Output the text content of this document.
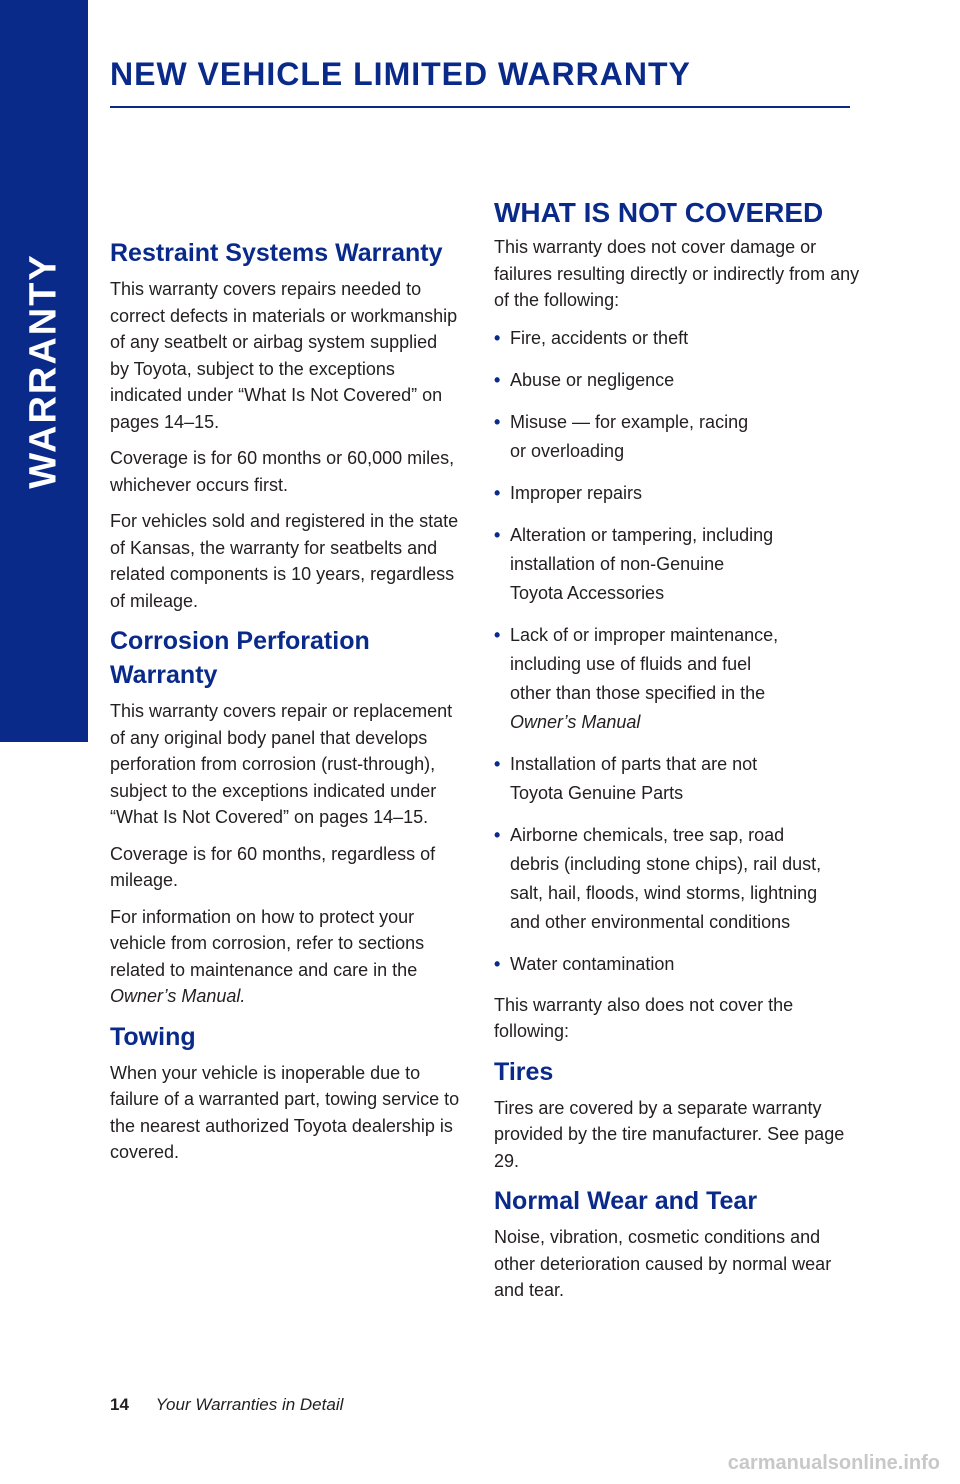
WARRANTY
NEW VEHICLE LIMITED WARRANTY
Restraint Systems Warranty

This warranty covers repairs needed to correct defects in materials or workmanship of any seatbelt or airbag system supplied by Toyota, subject to the exceptions indicated under “What Is Not Covered” on pages 14–15.

Coverage is for 60 months or 60,000 miles, whichever occurs first.

For vehicles sold and registered in the state of Kansas, the warranty for seatbelts and related components is 10 years, regardless of mileage.

Corrosion Perforation Warranty

This warranty covers repair or replacement of any original body panel that develops perforation from corrosion (rust-through), subject to the exceptions indicated under “What Is Not Covered” on pages 14–15.

Coverage is for 60 months, regardless of mileage.

For information on how to protect your vehicle from corrosion, refer to sections related to maintenance and care in the
Owner’s Manual.

Towing

When your vehicle is inoperable due to failure of a warranted part, towing service to the nearest authorized Toyota dealership is covered.

WHAT IS NOT COVERED

This warranty does not cover damage or failures resulting directly or indirectly from any of the following:

• Fire, accidents or theft
• Abuse or negligence
• Misuse — for example, racing
or overloading
• Improper repairs
• Alteration or tampering, including
installation of non-Genuine
Toyota Accessories
• Lack of or improper maintenance,
including use of fluids and fuel
other than those specified in the
Owner’s Manual
• Installation of parts that are not
Toyota Genuine Parts
• Airborne chemicals, tree sap, road
debris (including stone chips), rail dust,
salt, hail, floods, wind storms, lightning
and other environmental conditions
• Water contamination

This warranty also does not cover the following:

Tires

Tires are covered by a separate warranty provided by the tire manufacturer. See page 29.

Normal Wear and Tear

Noise, vibration, cosmetic conditions and other deterioration caused by normal wear and tear.

14 Your Warranties in Detail
carmanualsonline.info
